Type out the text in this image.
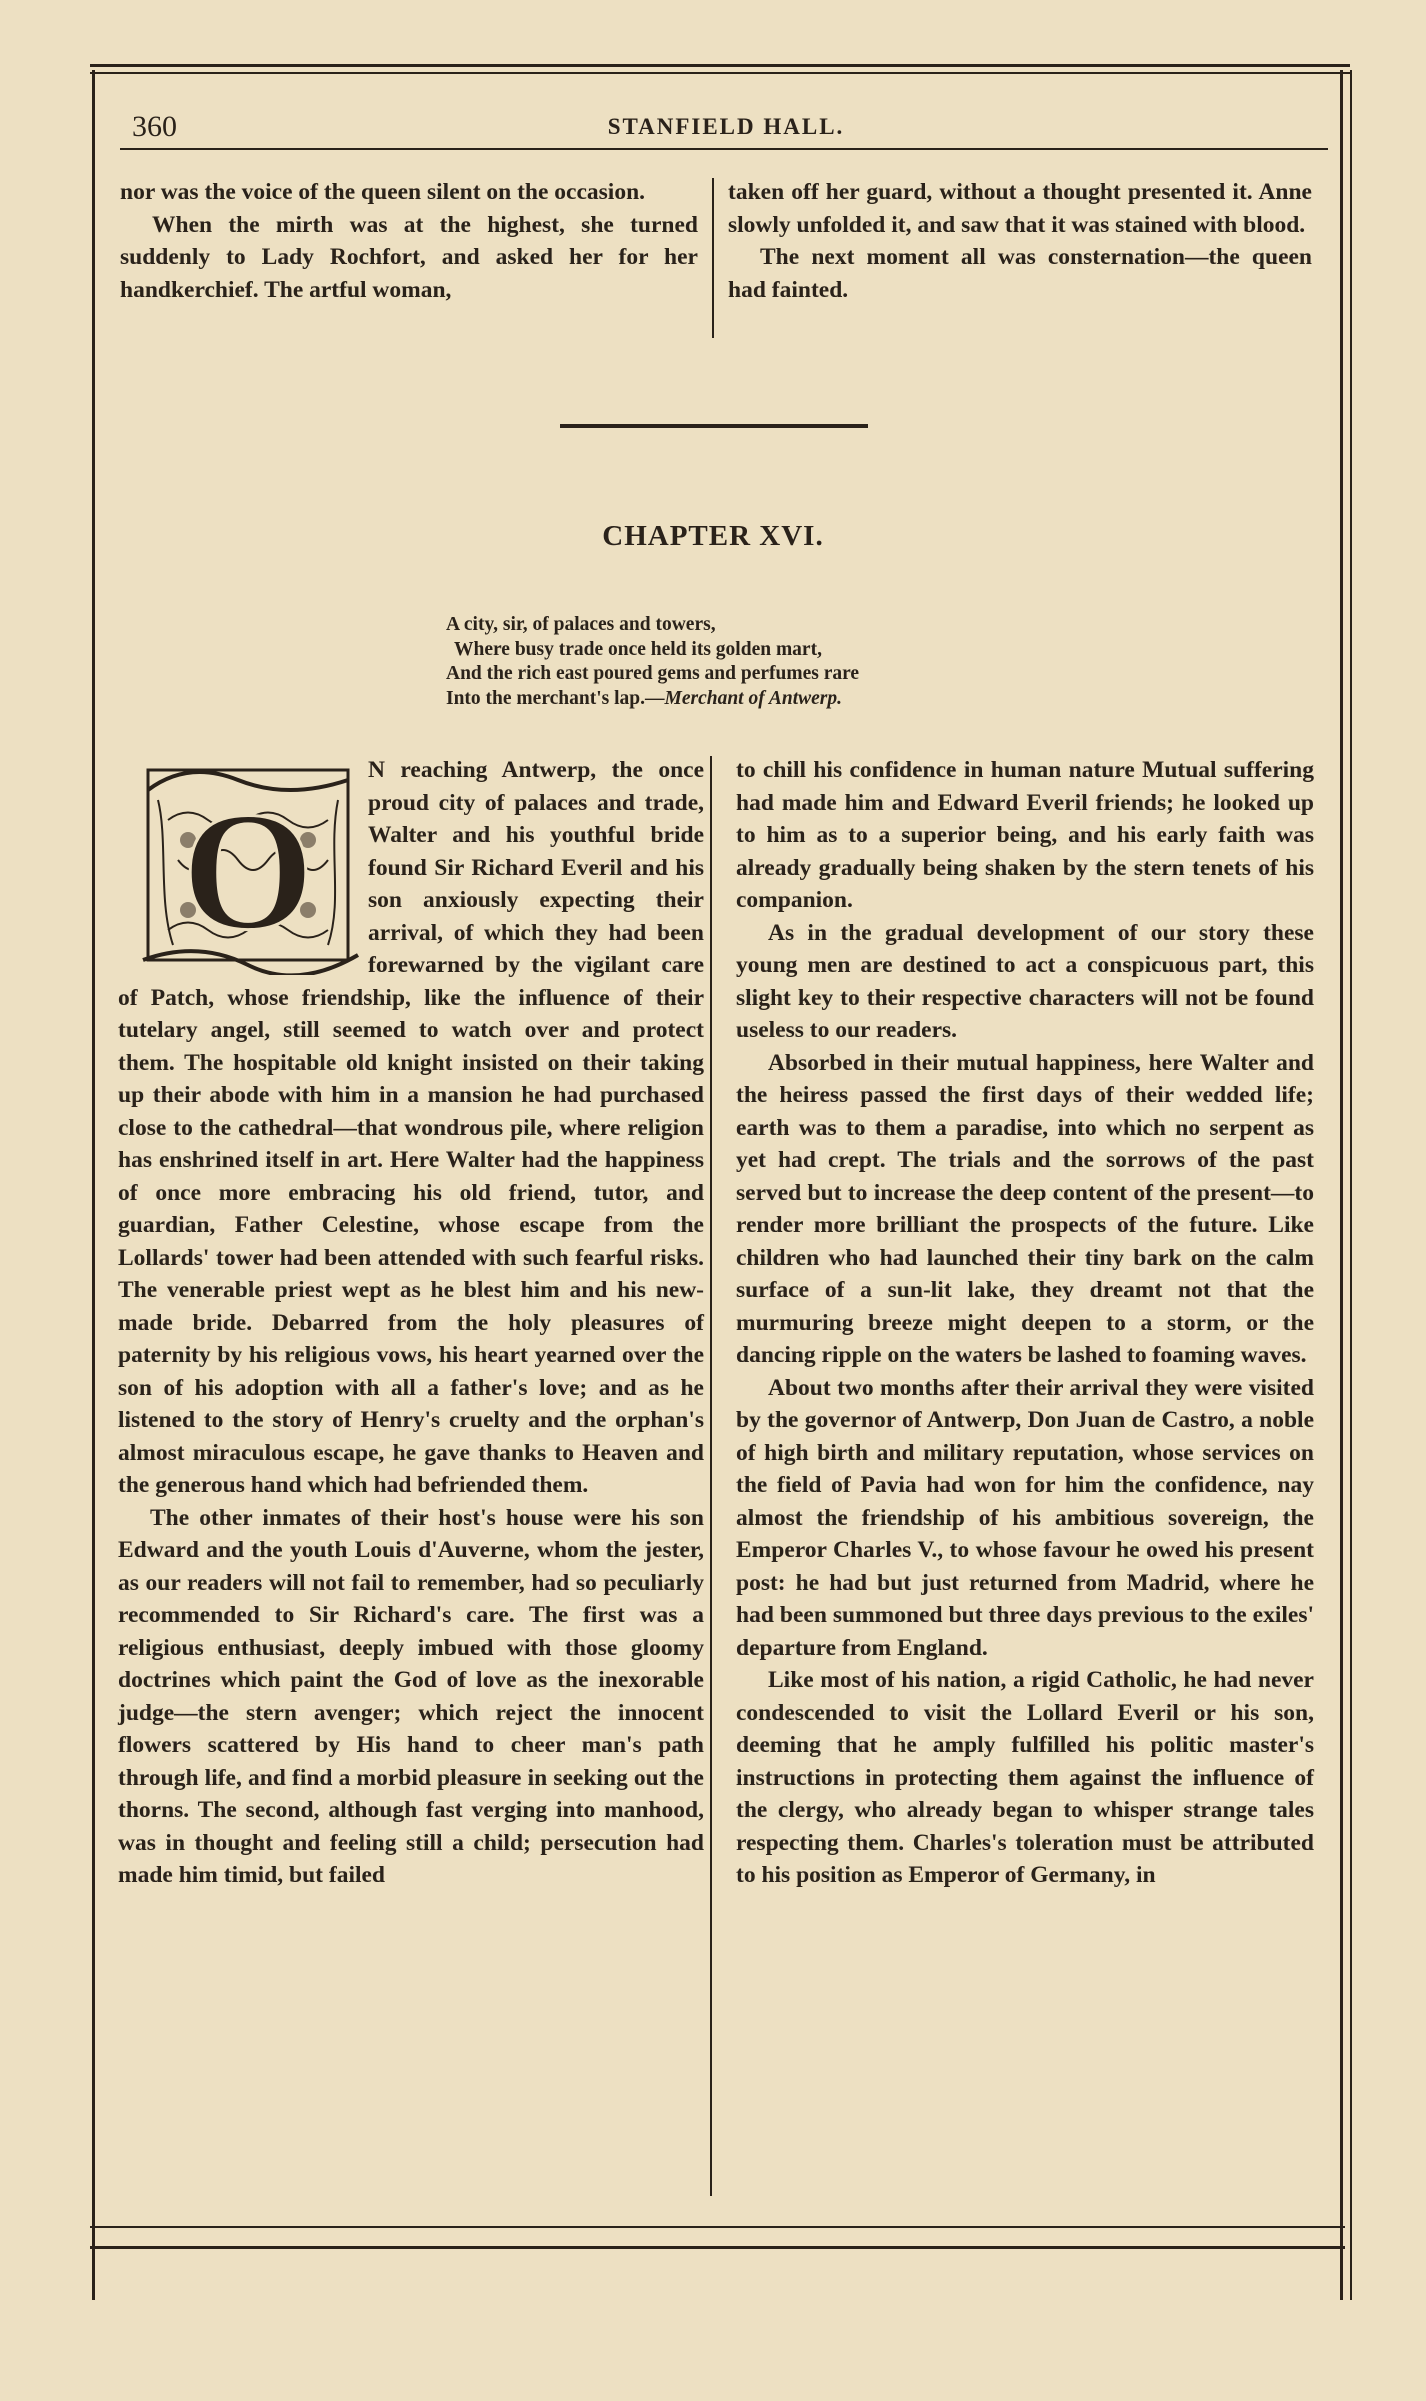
360	STANFIELD HALL.

nor was the voice of the queen silent on the occasion.

When the mirth was at the highest, she turned suddenly to Lady Rochfort, and asked her for her handkerchief. The artful woman,

taken off her guard, without a thought presented it. Anne slowly unfolded it, and saw that it was stained with blood.

The next moment all was consternation—the queen had fainted.

CHAPTER XVI.
A city, sir, of palaces and towers,
Where busy trade once held its golden mart,
And the rich east poured gems and perfumes rare
Into the merchant's lap.—Merchant of Antwerp.
O

N reaching Antwerp, the once proud city of palaces and trade, Walter and his youthful bride found Sir Richard Everil and his son anxiously expecting their arrival, of which they had been forewarned by the vigilant care of Patch, whose friendship, like the influence of their tutelary angel, still seemed to watch over and protect them. The hospitable old knight insisted on their taking up their abode with him in a mansion he had purchased close to the cathedral—that wondrous pile, where religion has enshrined itself in art. Here Walter had the happiness of once more embracing his old friend, tutor, and guardian, Father Celestine, whose escape from the Lollards' tower had been attended with such fearful risks. The venerable priest wept as he blest him and his new-made bride. Debarred from the holy pleasures of paternity by his religious vows, his heart yearned over the son of his adoption with all a father's love; and as he listened to the story of Henry's cruelty and the orphan's almost miraculous escape, he gave thanks to Heaven and the generous hand which had befriended them.

The other inmates of their host's house were his son Edward and the youth Louis d'Auverne, whom the jester, as our readers will not fail to remember, had so peculiarly recommended to Sir Richard's care. The first was a religious enthusiast, deeply imbued with those gloomy doctrines which paint the God of love as the inexorable judge—the stern avenger; which reject the innocent flowers scattered by His hand to cheer man's path through life, and find a morbid pleasure in seeking out the thorns. The second, although fast verging into manhood, was in thought and feeling still a child; persecution had made him timid, but failed

to chill his confidence in human nature Mutual suffering had made him and Edward Everil friends; he looked up to him as to a superior being, and his early faith was already gradually being shaken by the stern tenets of his companion.

As in the gradual development of our story these young men are destined to act a conspicuous part, this slight key to their respective characters will not be found useless to our readers.

Absorbed in their mutual happiness, here Walter and the heiress passed the first days of their wedded life; earth was to them a paradise, into which no serpent as yet had crept. The trials and the sorrows of the past served but to increase the deep content of the present—to render more brilliant the prospects of the future. Like children who had launched their tiny bark on the calm surface of a sun-lit lake, they dreamt not that the murmuring breeze might deepen to a storm, or the dancing ripple on the waters be lashed to foaming waves.

About two months after their arrival they were visited by the governor of Antwerp, Don Juan de Castro, a noble of high birth and military reputation, whose services on the field of Pavia had won for him the confidence, nay almost the friendship of his ambitious sovereign, the Emperor Charles V., to whose favour he owed his present post: he had but just returned from Madrid, where he had been summoned but three days previous to the exiles' departure from England.

Like most of his nation, a rigid Catholic, he had never condescended to visit the Lollard Everil or his son, deeming that he amply fulfilled his politic master's instructions in protecting them against the influence of the clergy, who already began to whisper strange tales respecting them. Charles's toleration must be attributed to his position as Emperor of Germany, in
